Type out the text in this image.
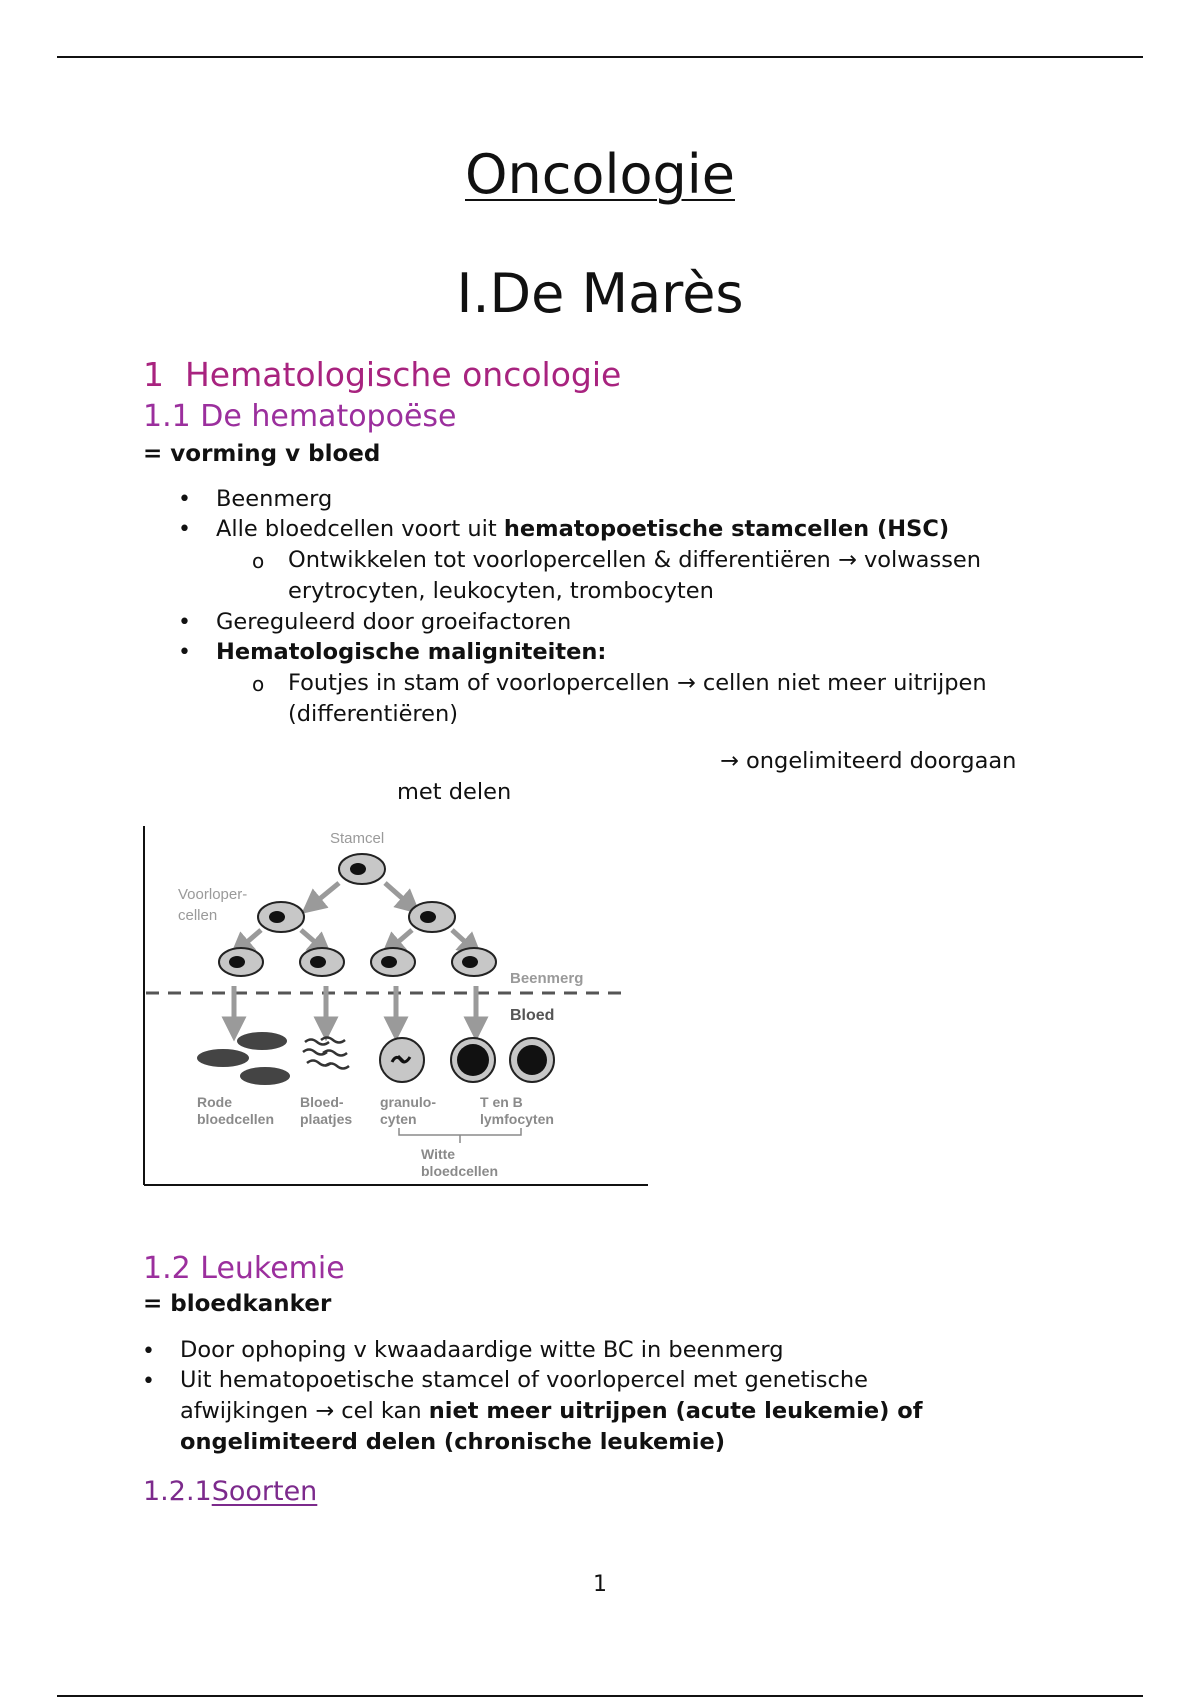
Oncologie
I.De Marès
1 Hematologische oncologie
1.1 De hematopoëse
= vorming v bloed
• Beenmerg
• Alle bloedcellen voort uit hematopoetische stamcellen (HSC)
o Ontwikkelen tot voorlopercellen & differentiëren → volwassen
erytrocyten, leukocyten, trombocyten
• Gereguleerd door groeifactoren
• Hematologische maligniteiten:
o Foutjes in stam of voorlopercellen → cellen niet meer uitrijpen
(differentiëren)
→ ongelimiteerd doorgaan
met delen
Stamcel
Voorloper-
cellen
Beenmerg
Bloed
Rode
bloedcellen
Bloed-
plaatjes
granulo-
cyten
T en B
lymfocyten
Witte
bloedcellen
1.2 Leukemie
= bloedkanker
• Door ophoping v kwaadaardige witte BC in beenmerg
• Uit hematopoetische stamcel of voorlopercel met genetische
afwijkingen → cel kan niet meer uitrijpen (acute leukemie) of
ongelimiteerd delen (chronische leukemie)
1.2.1Soorten
1
